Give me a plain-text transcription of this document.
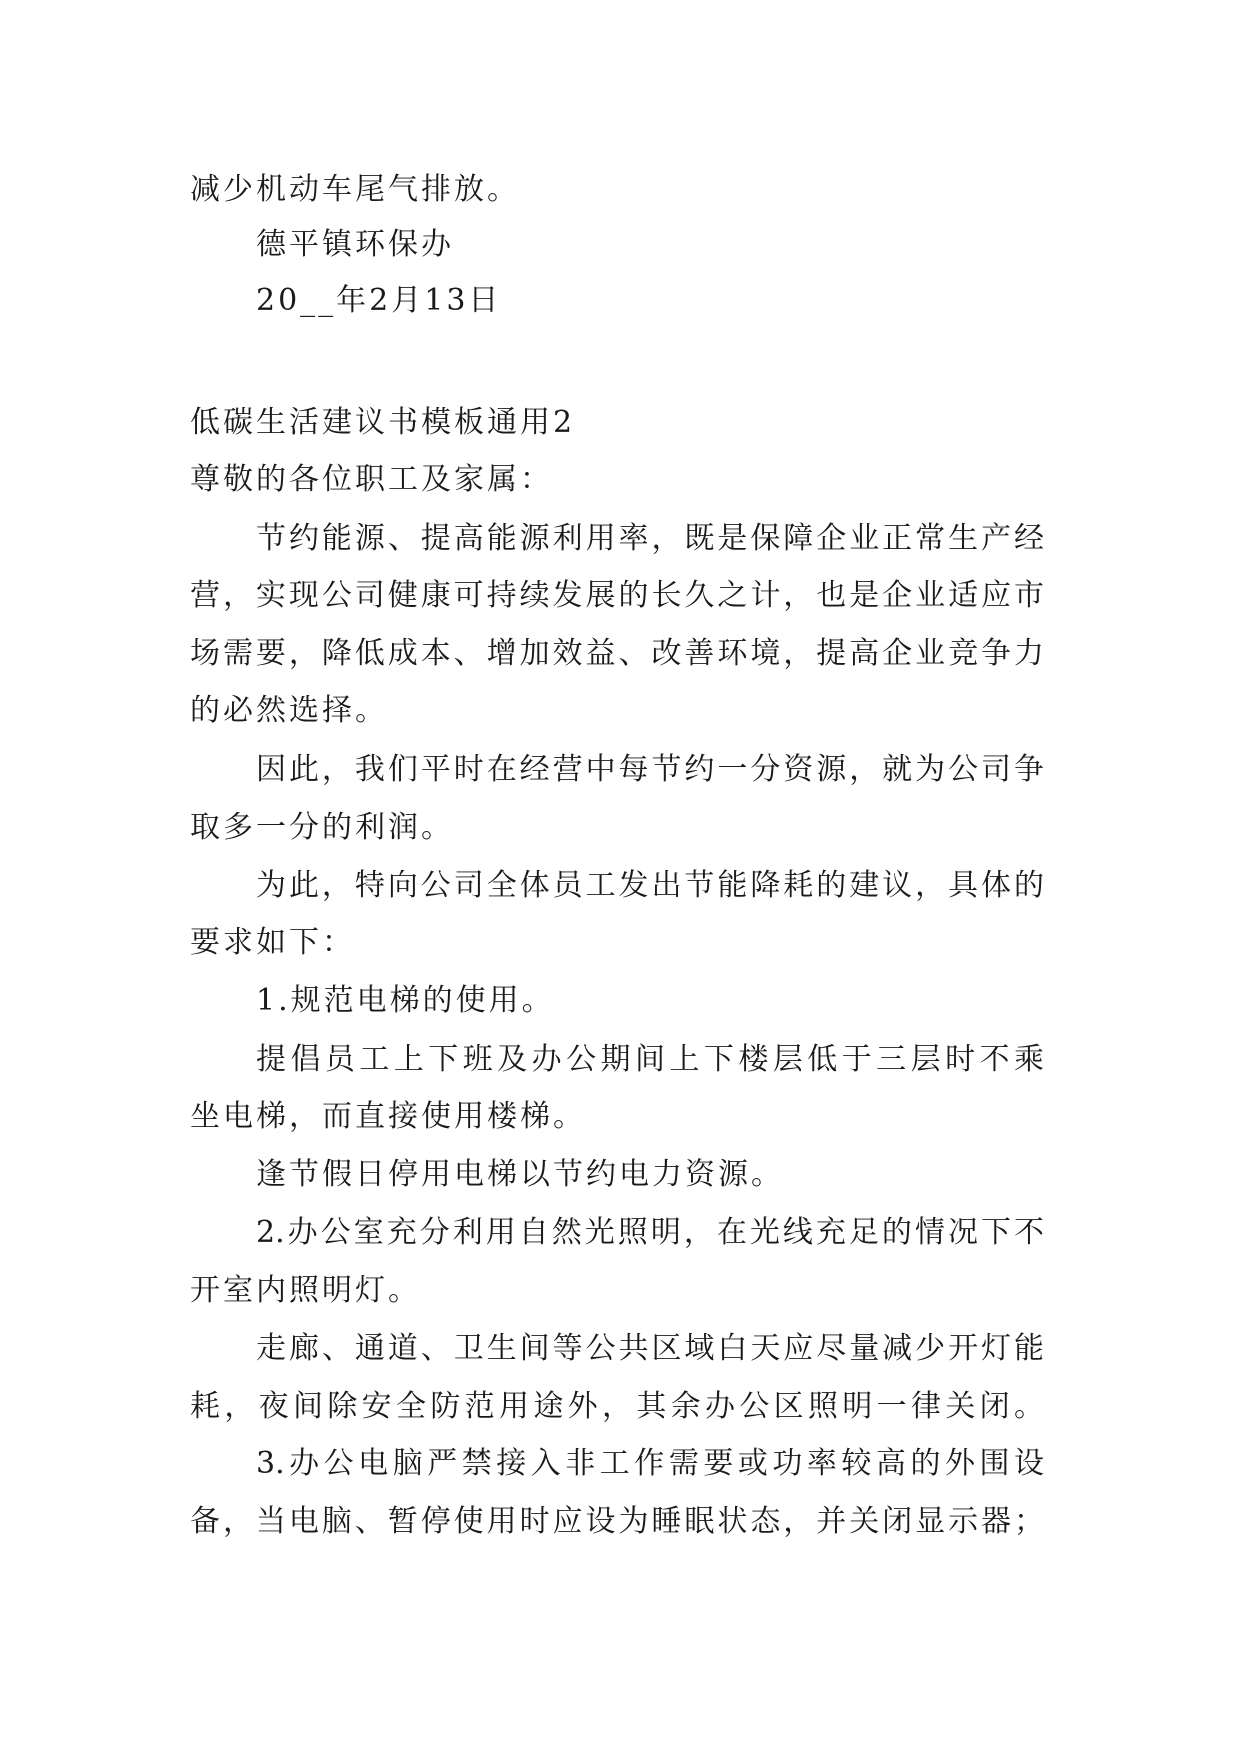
减少机动车尾气排放。
德平镇环保办
20__年2月13日
低碳生活建议书模板通用2
尊敬的各位职工及家属：
节约能源、提高能源利用率，既是保障企业正常生产经
营，实现公司健康可持续发展的长久之计，也是企业适应市
场需要，降低成本、增加效益、改善环境，提高企业竞争力
的必然选择。
因此，我们平时在经营中每节约一分资源，就为公司争
取多一分的利润。
为此，特向公司全体员工发出节能降耗的建议，具体的
要求如下：
1.规范电梯的使用。
提倡员工上下班及办公期间上下楼层低于三层时不乘
坐电梯，而直接使用楼梯。
逢节假日停用电梯以节约电力资源。
2.办公室充分利用自然光照明，在光线充足的情况下不
开室内照明灯。
走廊、通道、卫生间等公共区域白天应尽量减少开灯能
耗，夜间除安全防范用途外，其余办公区照明一律关闭。
3.办公电脑严禁接入非工作需要或功率较高的外围设
备，当电脑、暂停使用时应设为睡眠状态，并关闭显示器；
